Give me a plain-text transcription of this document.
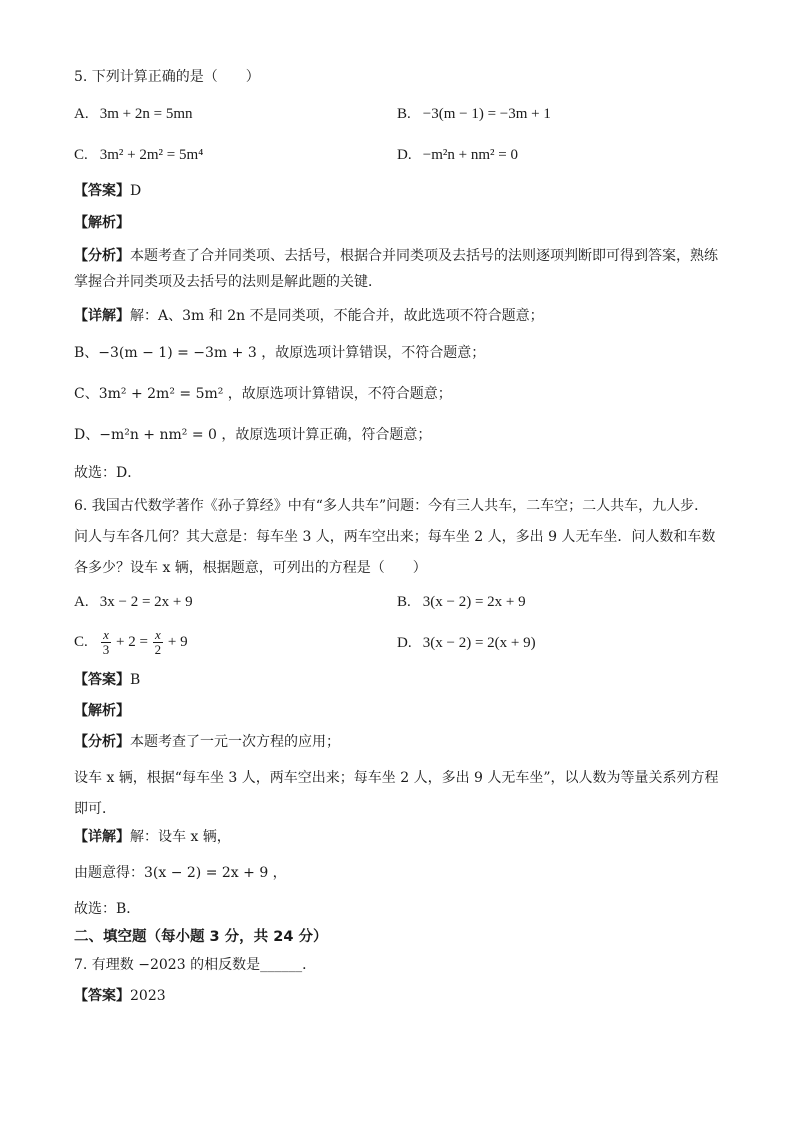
5. 下列计算正确的是（　　）
A. 3m + 2n = 5mn	B. −3(m − 1) = −3m + 1
C. 3m² + 2m² = 5m⁴	D. −m²n + nm² = 0
【答案】D
【解析】
【分析】本题考查了合并同类项、去括号，根据合并同类项及去括号的法则逐项判断即可得到答案，熟练掌握合并同类项及去括号的法则是解此题的关键．
【详解】解：A、3m 和 2n 不是同类项，不能合并，故此选项不符合题意；
B、−3(m − 1) = −3m + 3 ，故原选项计算错误，不符合题意；
C、3m² + 2m² = 5m² ，故原选项计算错误，不符合题意；
D、−m²n + nm² = 0 ，故原选项计算正确，符合题意；
故选：D．
6. 我国古代数学著作《孙子算经》中有“多人共车”问题：今有三人共车，二车空；二人共车，九人步．问人与车各几何？其大意是：每车坐 3 人，两车空出来；每车坐 2 人，多出 9 人无车坐．问人数和车数各多少？设车 x 辆，根据题意，可列出的方程是（　　）
A. 3x − 2 = 2x + 9	B. 3(x − 2) = 2x + 9
C. $\frac{x}{3} + 2 = \frac{x}{2} + 9$	D. 3(x − 2) = 2(x + 9)
【答案】B
【解析】
【分析】本题考查了一元一次方程的应用；
设车 x 辆，根据“每车坐 3 人，两车空出来；每车坐 2 人，多出 9 人无车坐”，以人数为等量关系列方程即可．
【详解】解：设车 x 辆，
由题意得：3(x − 2) = 2x + 9 ，
故选：B．
二、填空题（每小题 3 分，共 24 分）
7. 有理数 −2023 的相反数是______．
【答案】2023
